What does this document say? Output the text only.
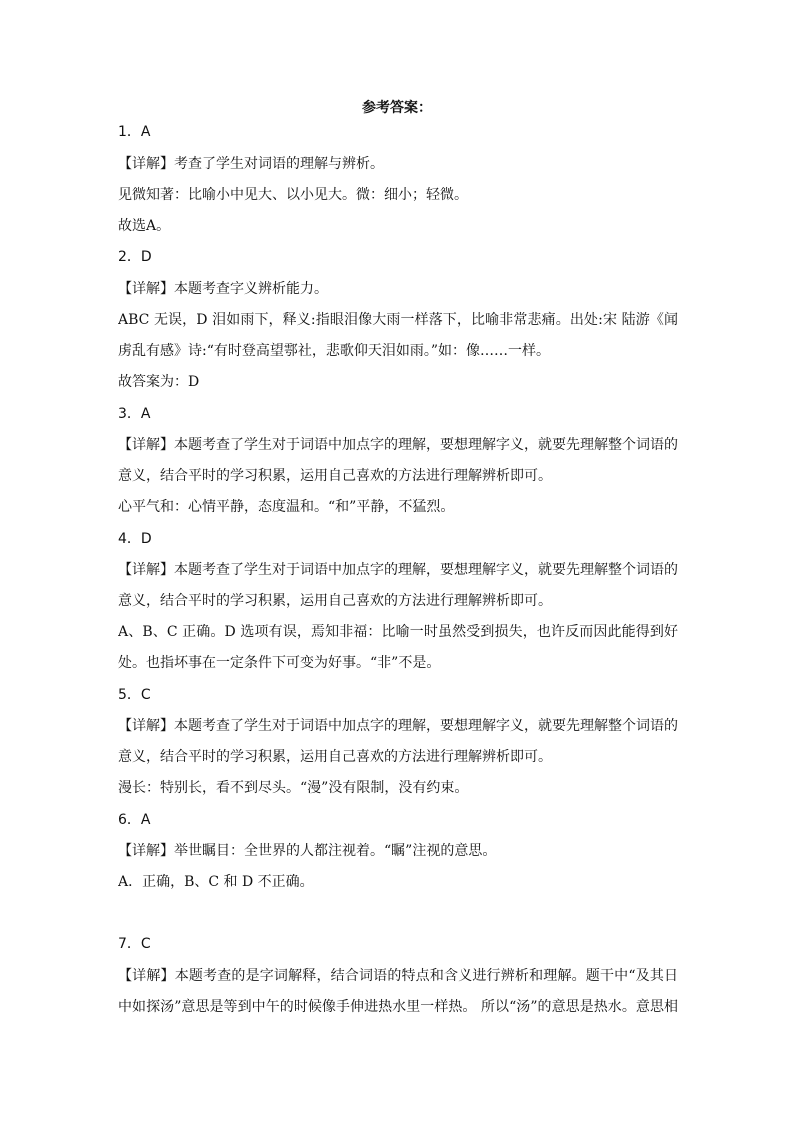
参考答案：
1．A
【详解】考查了学生对词语的理解与辨析。
见微知著：比喻小中见大、以小见大。微：细小；轻微。
故选A。
2．D
【详解】本题考查字义辨析能力。
ABC 无误，D 泪如雨下，释义:指眼泪像大雨一样落下，比喻非常悲痛。出处:宋 陆游《闻
虏乱有感》诗:“有时登高望鄠社，悲歌仰天泪如雨。”如：像……一样。
故答案为：D
3．A
【详解】本题考查了学生对于词语中加点字的理解，要想理解字义，就要先理解整个词语的
意义，结合平时的学习积累，运用自己喜欢的方法进行理解辨析即可。
心平气和：心情平静，态度温和。“和”平静，不猛烈。
4．D
【详解】本题考查了学生对于词语中加点字的理解，要想理解字义，就要先理解整个词语的
意义，结合平时的学习积累，运用自己喜欢的方法进行理解辨析即可。
A、B、C 正确。D 选项有误，焉知非福：比喻一时虽然受到损失，也许反而因此能得到好
处。也指坏事在一定条件下可变为好事。“非”不是。
5．C
【详解】本题考查了学生对于词语中加点字的理解，要想理解字义，就要先理解整个词语的
意义，结合平时的学习积累，运用自己喜欢的方法进行理解辨析即可。
漫长：特别长，看不到尽头。“漫”没有限制，没有约束。
6．A
【详解】举世瞩目：全世界的人都注视着。“瞩”注视的意思。
A．正确，B、C 和 D 不正确。
7．C
【详解】本题考查的是字词解释，结合词语的特点和含义进行辨析和理解。题干中“及其日
中如探汤”意思是等到中午的时候像手伸进热水里一样热。 所以“汤”的意思是热水。意思相
